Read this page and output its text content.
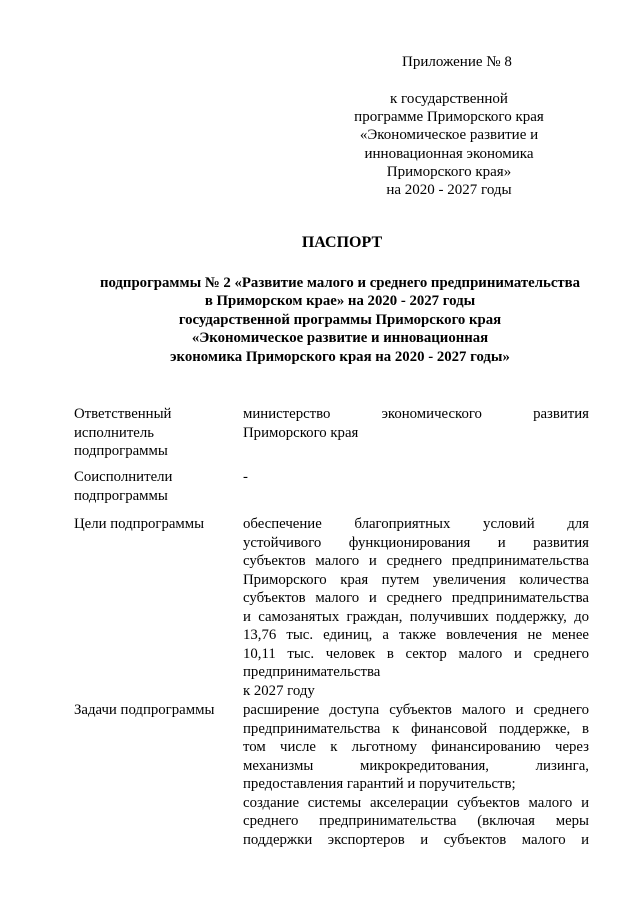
Приложение № 8
к государственной
программе Приморского края
«Экономическое развитие и
инновационная экономика
Приморского края»
на 2020 - 2027 годы
ПАСПОРТ
подпрограммы № 2 «Развитие малого и среднего предпринимательства
в Приморском крае» на 2020 - 2027 годы
государственной программы Приморского края
«Экономическое развитие и инновационная
экономика Приморского края на 2020 - 2027 годы»
Ответственный
исполнитель
подпрограммы
министерство экономического развития
Приморского края
Соисполнители
подпрограммы
-
Цели подпрограммы	обеспечение благоприятных условий для
устойчивого функционирования и развития
субъектов малого и среднего предпринимательства
Приморского края путем увеличения количества
субъектов малого и среднего предпринимательства
и самозанятых граждан, получивших поддержку, до
13,76 тыс. единиц, а также вовлечения не менее
10,11 тыс. человек в сектор малого и среднего
предпринимательства
к 2027 году
Задачи подпрограммы	расширение доступа субъектов малого и среднего
предпринимательства к финансовой поддержке, в
том числе к льготному финансированию через
механизмы микрокредитования, лизинга,
предоставления гарантий и поручительств;
создание системы акселерации субъектов малого и
среднего предпринимательства (включая меры
поддержки экспортеров и субъектов малого и
